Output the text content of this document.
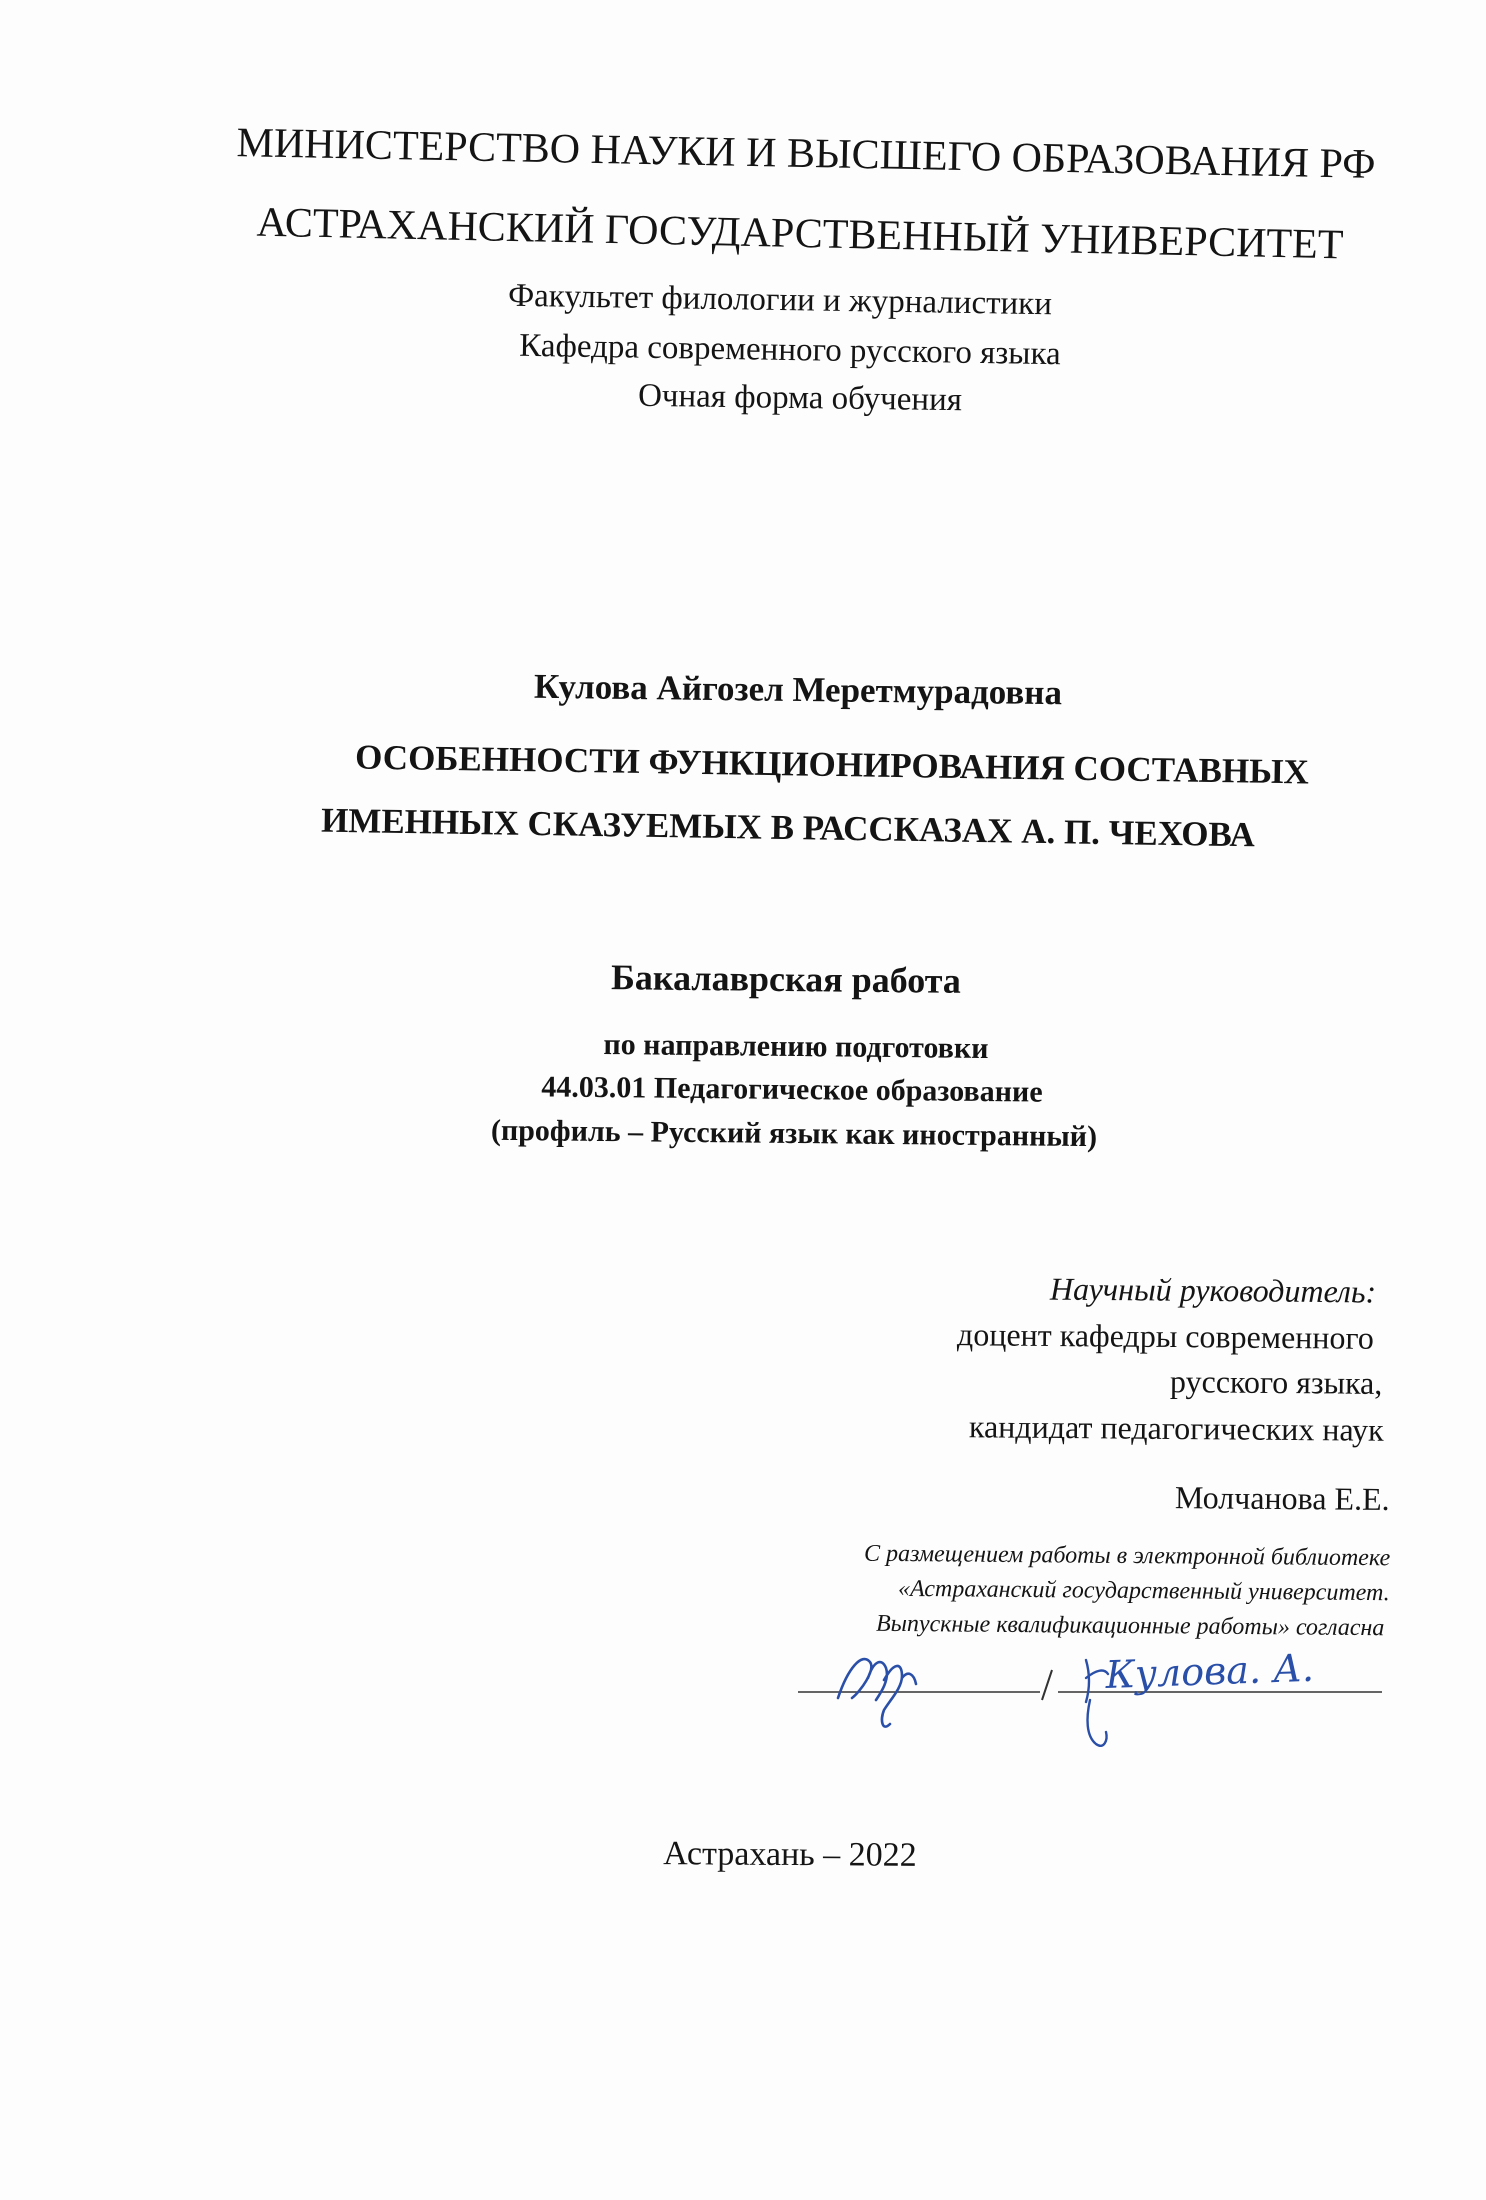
МИНИСТЕРСТВО НАУКИ И ВЫСШЕГО ОБРАЗОВАНИЯ РФ
АСТРАХАНСКИЙ ГОСУДАРСТВЕННЫЙ УНИВЕРСИТЕТ
Факультет филологии и журналистики
Кафедра современного русского языка
Очная форма обучения
Кулова Айгозел Меретмурадовна
ОСОБЕННОСТИ ФУНКЦИОНИРОВАНИЯ СОСТАВНЫХ
ИМЕННЫХ СКАЗУЕМЫХ В РАССКАЗАХ А. П. ЧЕХОВА
Бакалаврская работа
по направлению подготовки
44.03.01 Педагогическое образование
(профиль – Русский язык как иностранный)
Научный руководитель:
доцент кафедры современного
русского языка,
кандидат педагогических наук
Молчанова Е.Е.
С размещением работы в электронной библиотеке
«Астраханский государственный университет.
Выпускные квалификационные работы» согласна
/
Кулова. А.
Астрахань – 2022
